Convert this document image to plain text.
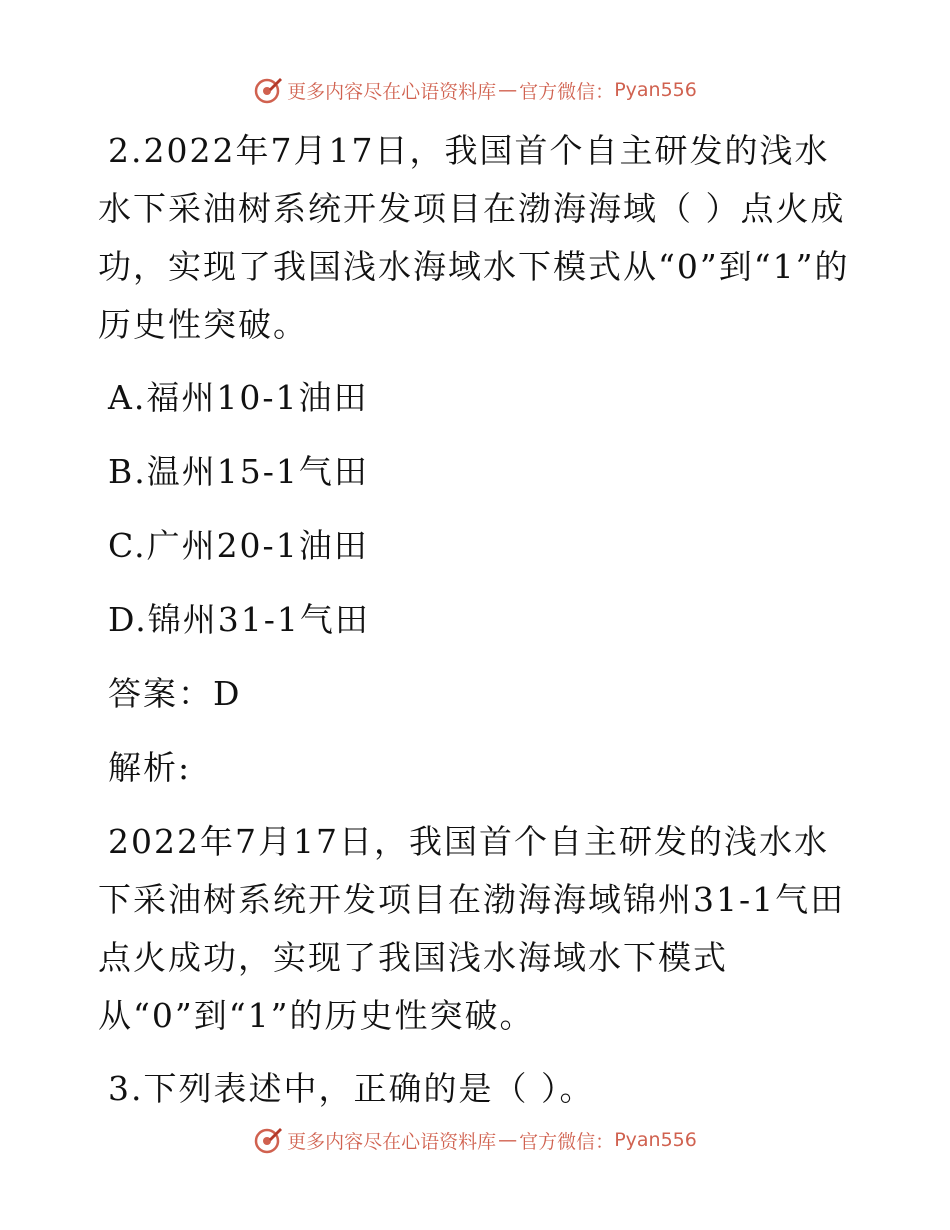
更多内容尽在心语资料库 — 官方微信： Pyan556

2.2022年7月17日，我国首个自主研发的浅水水下采油树系统开发项目在渤海海域（ ）点火成功，实现了我国浅水海域水下模式从“0”到“1”的历史性突破。

A.福州10-1油田

B.温州15-1气田

C.广州20-1油田

D.锦州31-1气田

答案：D

解析:

2022年7月17日，我国首个自主研发的浅水水下采油树系统开发项目在渤海海域锦州31-1气田点火成功，实现了我国浅水海域水下模式

从“0”到“1”的历史性突破。

3.下列表述中，正确的是（ ）。

更多内容尽在心语资料库 — 官方微信： Pyan556
